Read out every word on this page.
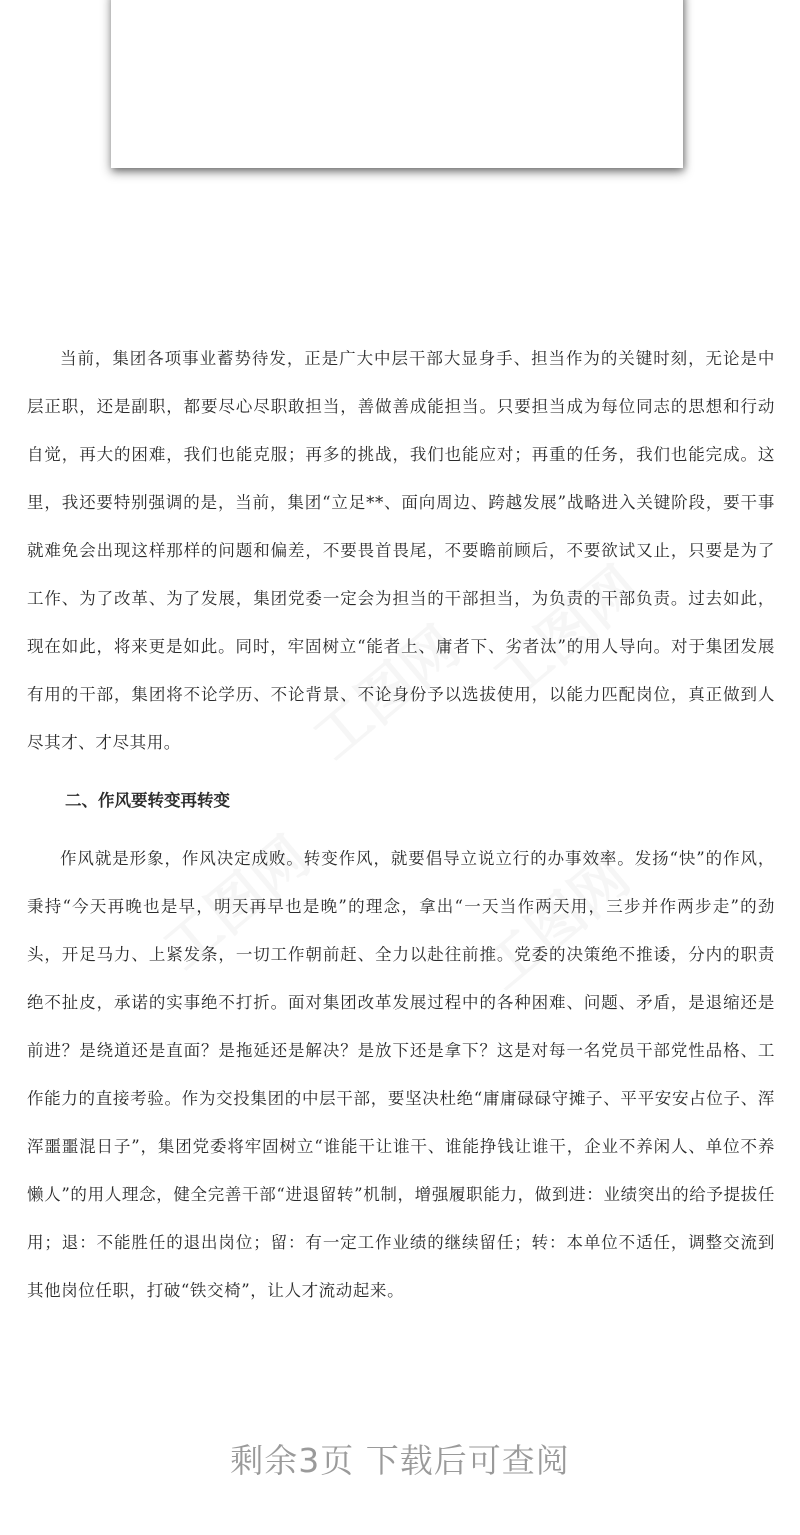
工图网 工图网
工图网	工图网

当前，集团各项事业蓄势待发，正是广大中层干部大显身手、担当作为的关键时刻，无论是中层正职，还是副职，都要尽心尽职敢担当，善做善成能担当。只要担当成为每位同志的思想和行动自觉，再大的困难，我们也能克服；再多的挑战，我们也能应对；再重的任务，我们也能完成。这里，我还要特别强调的是，当前，集团“立足**、面向周边、跨越发展”战略进入关键阶段，要干事就难免会出现这样那样的问题和偏差，不要畏首畏尾，不要瞻前顾后，不要欲试又止，只要是为了工作、为了改革、为了发展，集团党委一定会为担当的干部担当，为负责的干部负责。过去如此，现在如此，将来更是如此。同时，牢固树立“能者上、庸者下、劣者汰”的用人导向。对于集团发展有用的干部，集团将不论学历、不论背景、不论身份予以选拔使用，以能力匹配岗位，真正做到人尽其才、才尽其用。

二、作风要转变再转变

作风就是形象，作风决定成败。转变作风，就要倡导立说立行的办事效率。发扬“快”的作风，秉持“今天再晚也是早，明天再早也是晚”的理念，拿出“一天当作两天用，三步并作两步走”的劲头，开足马力、上紧发条，一切工作朝前赶、全力以赴往前推。党委的决策绝不推诿，分内的职责绝不扯皮，承诺的实事绝不打折。面对集团改革发展过程中的各种困难、问题、矛盾，是退缩还是前进？是绕道还是直面？是拖延还是解决？是放下还是拿下？这是对每一名党员干部党性品格、工作能力的直接考验。作为交投集团的中层干部，要坚决杜绝“庸庸碌碌守摊子、平平安安占位子、浑浑噩噩混日子”，集团党委将牢固树立“谁能干让谁干、谁能挣钱让谁干，企业不养闲人、单位不养懒人”的用人理念，健全完善干部“进退留转”机制，增强履职能力，做到进：业绩突出的给予提拔任用；退：不能胜任的退出岗位；留：有一定工作业绩的继续留任；转：本单位不适任，调整交流到其他岗位任职，打破“铁交椅”，让人才流动起来。

剩余3页 下载后可查阅
